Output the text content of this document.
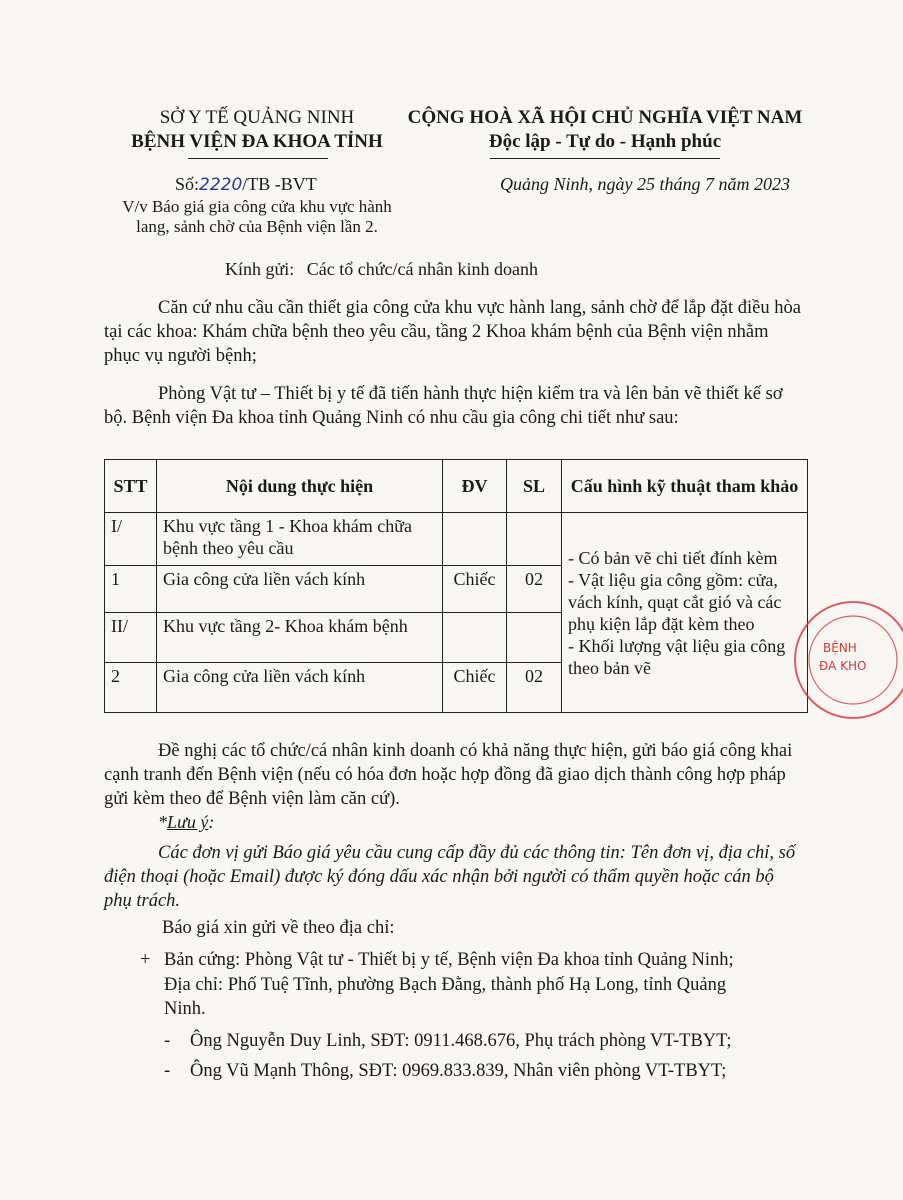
SỞ Y TẾ QUẢNG NINH
BỆNH VIỆN ĐA KHOA TỈNH
CỘNG HOÀ XÃ HỘI CHỦ NGHĨA VIỆT NAM
Độc lập - Tự do - Hạnh phúc
Số:2220/TB -BVT
V/v Báo giá gia công cửa khu vực hành
lang, sảnh chờ của Bệnh viện lần 2.
Quảng Ninh, ngày 25 tháng 7 năm 2023
Kính gửi: Các tổ chức/cá nhân kinh doanh
Căn cứ nhu cầu cần thiết gia công cửa khu vực hành lang, sảnh chờ để lắp đặt điều hòa tại các khoa: Khám chữa bệnh theo yêu cầu, tầng 2 Khoa khám bệnh của Bệnh viện nhằm phục vụ người bệnh;
Phòng Vật tư – Thiết bị y tế đã tiến hành thực hiện kiểm tra và lên bản vẽ thiết kế sơ bộ. Bệnh viện Đa khoa tỉnh Quảng Ninh có nhu cầu gia công chi tiết như sau:
STT	Nội dung thực hiện	ĐV	SL	Cấu hình kỹ thuật tham khảo
I/	Khu vực tầng 1 - Khoa khám chữa bệnh theo yêu cầu			- Có bản vẽ chi tiết đính kèm
- Vật liệu gia công gồm: cửa, vách kính, quạt cắt gió và các phụ kiện lắp đặt kèm theo
- Khối lượng vật liệu gia công theo bản vẽ

1	Gia công cửa liền vách kính	Chiếc	02	
II/	Khu vực tầng 2- Khoa khám bệnh			
2	Gia công cửa liền vách kính	Chiếc	02	
BỆNH
ĐA KHO
Đề nghị các tổ chức/cá nhân kinh doanh có khả năng thực hiện, gửi báo giá công khai cạnh tranh đến Bệnh viện (nếu có hóa đơn hoặc hợp đồng đã giao dịch thành công hợp pháp gửi kèm theo để Bệnh viện làm căn cứ).
*Lưu ý:
Các đơn vị gửi Báo giá yêu cầu cung cấp đầy đủ các thông tin: Tên đơn vị, địa chỉ, số điện thoại (hoặc Email) được ký đóng dấu xác nhận bởi người có thẩm quyền hoặc cán bộ phụ trách.
Báo giá xin gửi về theo địa chỉ:
+ Bản cứng: Phòng Vật tư - Thiết bị y tế, Bệnh viện Đa khoa tỉnh Quảng Ninh;
Địa chỉ: Phố Tuệ Tĩnh, phường Bạch Đằng, thành phố Hạ Long, tỉnh Quảng
Ninh.
- Ông Nguyễn Duy Linh, SĐT: 0911.468.676, Phụ trách phòng VT-TBYT;
- Ông Vũ Mạnh Thông, SĐT: 0969.833.839, Nhân viên phòng VT-TBYT;
